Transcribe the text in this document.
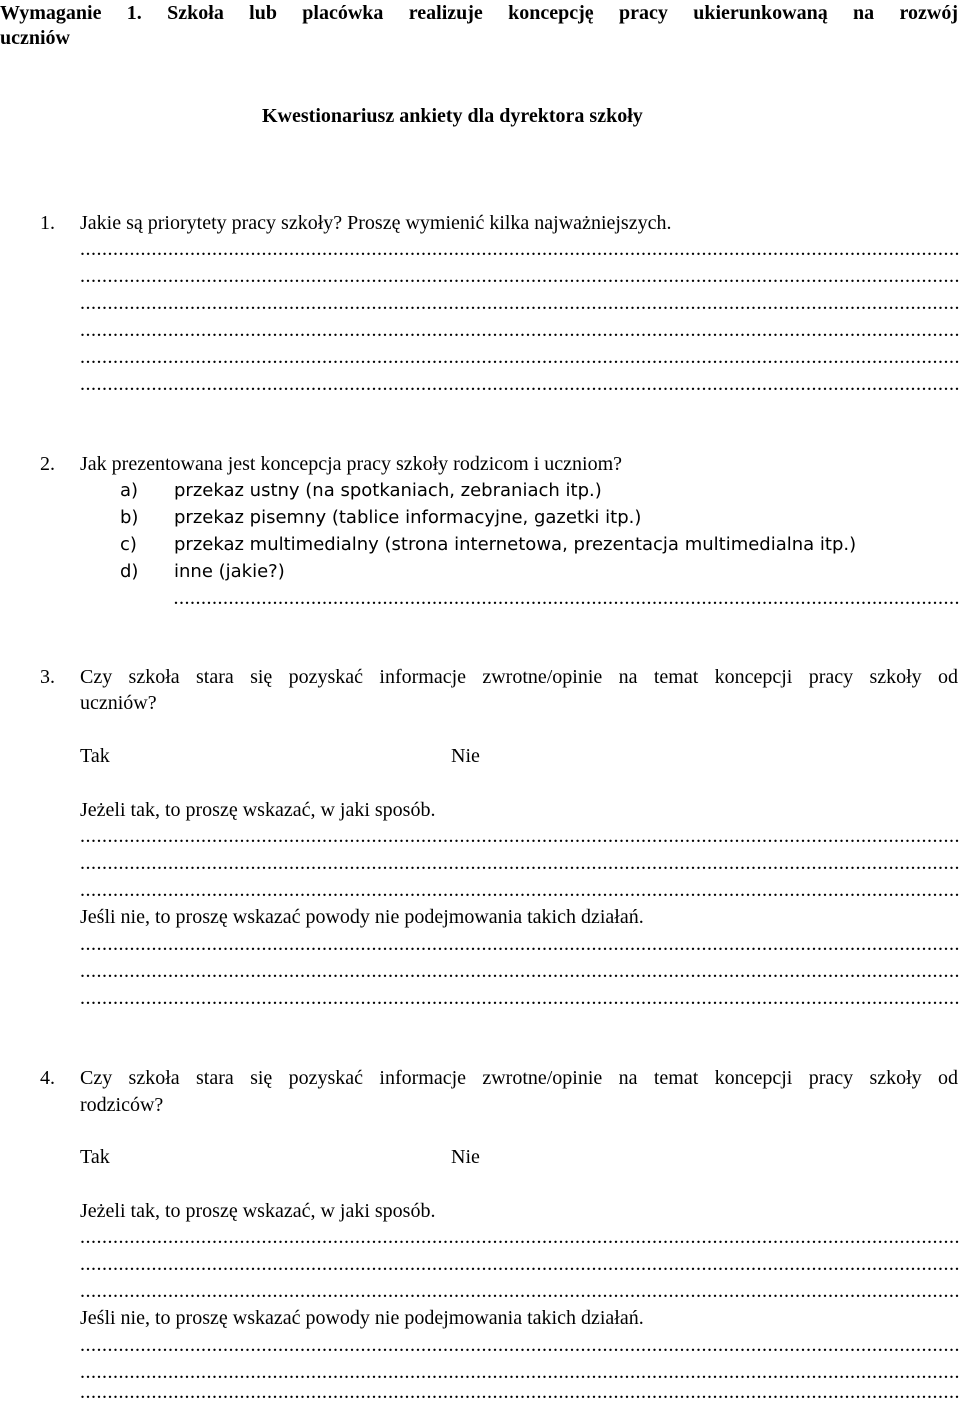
Wymaganie 1. Szkoła lub placówka realizuje koncepcję pracy ukierunkowaną na rozwój
uczniów
Kwestionariusz ankiety dla dyrektora szkoły
1. Jakie są priorytety pracy szkoły? Proszę wymienić kilka najważniejszych.
.....
.....
.....
.....
.....
.....
2. Jak prezentowana jest koncepcja pracy szkoły rodzicom i uczniom?
a) przekaz ustny (na spotkaniach, zebraniach itp.)
b) przekaz pisemny (tablice informacyjne, gazetki itp.)
c) przekaz multimedialny (strona internetowa, prezentacja multimedialna itp.)
d) inne (jakie?)
.....
3. Czy szkoła stara się pozyskać informacje zwrotne/opinie na temat koncepcji pracy szkoły od
uczniów?
Tak	Nie
Jeżeli tak, to proszę wskazać, w jaki sposób.
.....
.....
.....
Jeśli nie, to proszę wskazać powody nie podejmowania takich działań.
.....
.....
.....
4. Czy szkoła stara się pozyskać informacje zwrotne/opinie na temat koncepcji pracy szkoły od
rodziców?
Tak	Nie
Jeżeli tak, to proszę wskazać, w jaki sposób.
.....
.....
.....
Jeśli nie, to proszę wskazać powody nie podejmowania takich działań.
.....
.....
.....
